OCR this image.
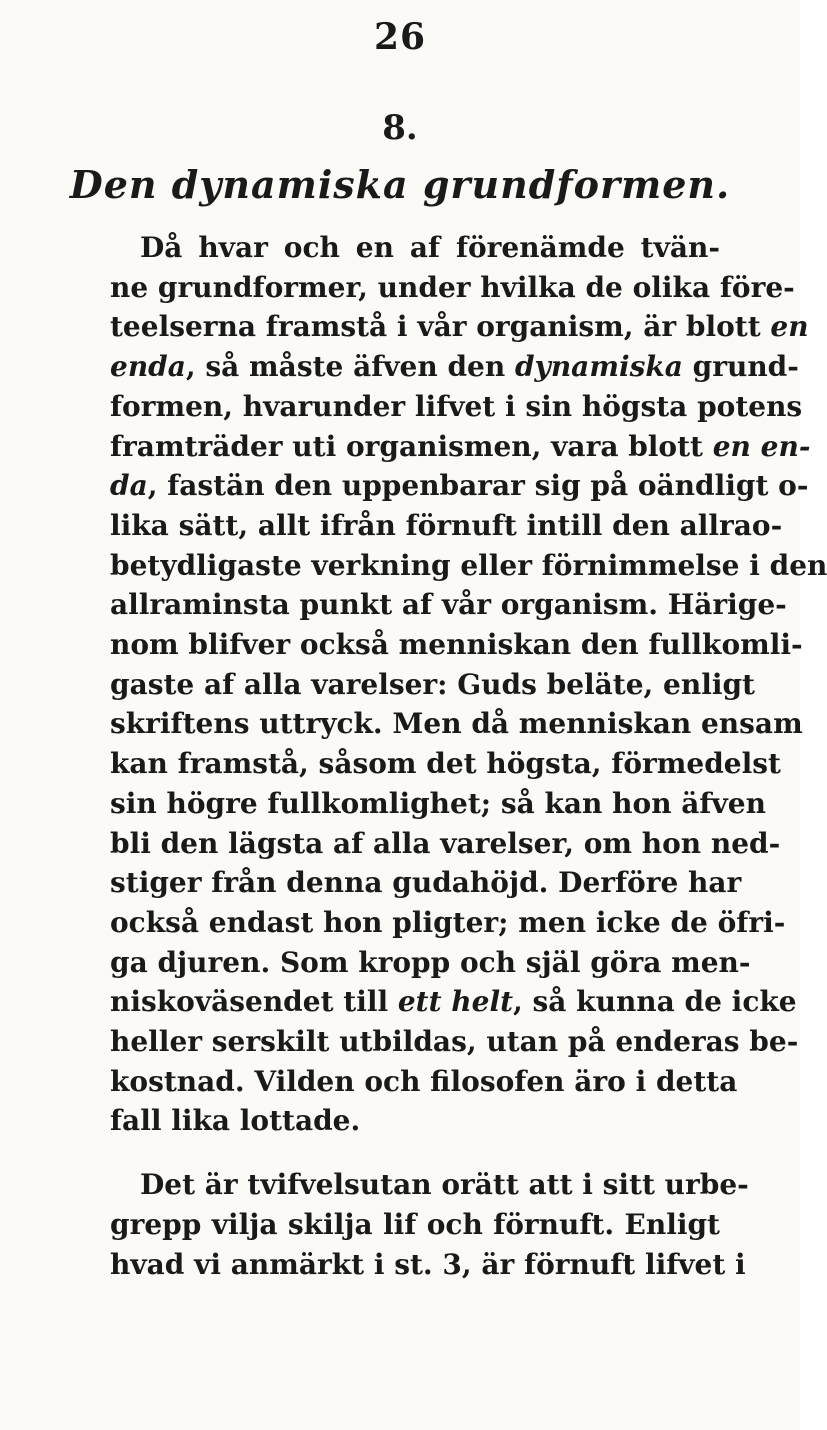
26
8.
Den dynamiska grundformen.
Då hvar och en af förenämde tvän-
ne grundformer, under hvilka de olika före-
teelserna framstå i vår organism, är blott en
enda, så måste äfven den dynamiska grund-
formen, hvarunder lifvet i sin högsta potens
framträder uti organismen, vara blott en en-
da, fastän den uppenbarar sig på oändligt o-
lika sätt, allt ifrån förnuft intill den allrao-
betydligaste verkning eller förnimmelse i den
allraminsta punkt af vår organism. Härige-
nom blifver också menniskan den fullkomli-
gaste af alla varelser: Guds beläte, enligt
skriftens uttryck. Men då menniskan ensam
kan framstå, såsom det högsta, förmedelst
sin högre fullkomlighet; så kan hon äfven
bli den lägsta af alla varelser, om hon ned-
stiger från denna gudahöjd. Derföre har
också endast hon pligter; men icke de öfri-
ga djuren. Som kropp och själ göra men-
niskoväsendet till ett helt, så kunna de icke
heller serskilt utbildas, utan på enderas be-
kostnad. Vilden och filosofen äro i detta
fall lika lottade.
Det är tvifvelsutan orätt att i sitt urbe-
grepp vilja skilja lif och förnuft. Enligt
hvad vi anmärkt i st. 3, är förnuft lifvet i
